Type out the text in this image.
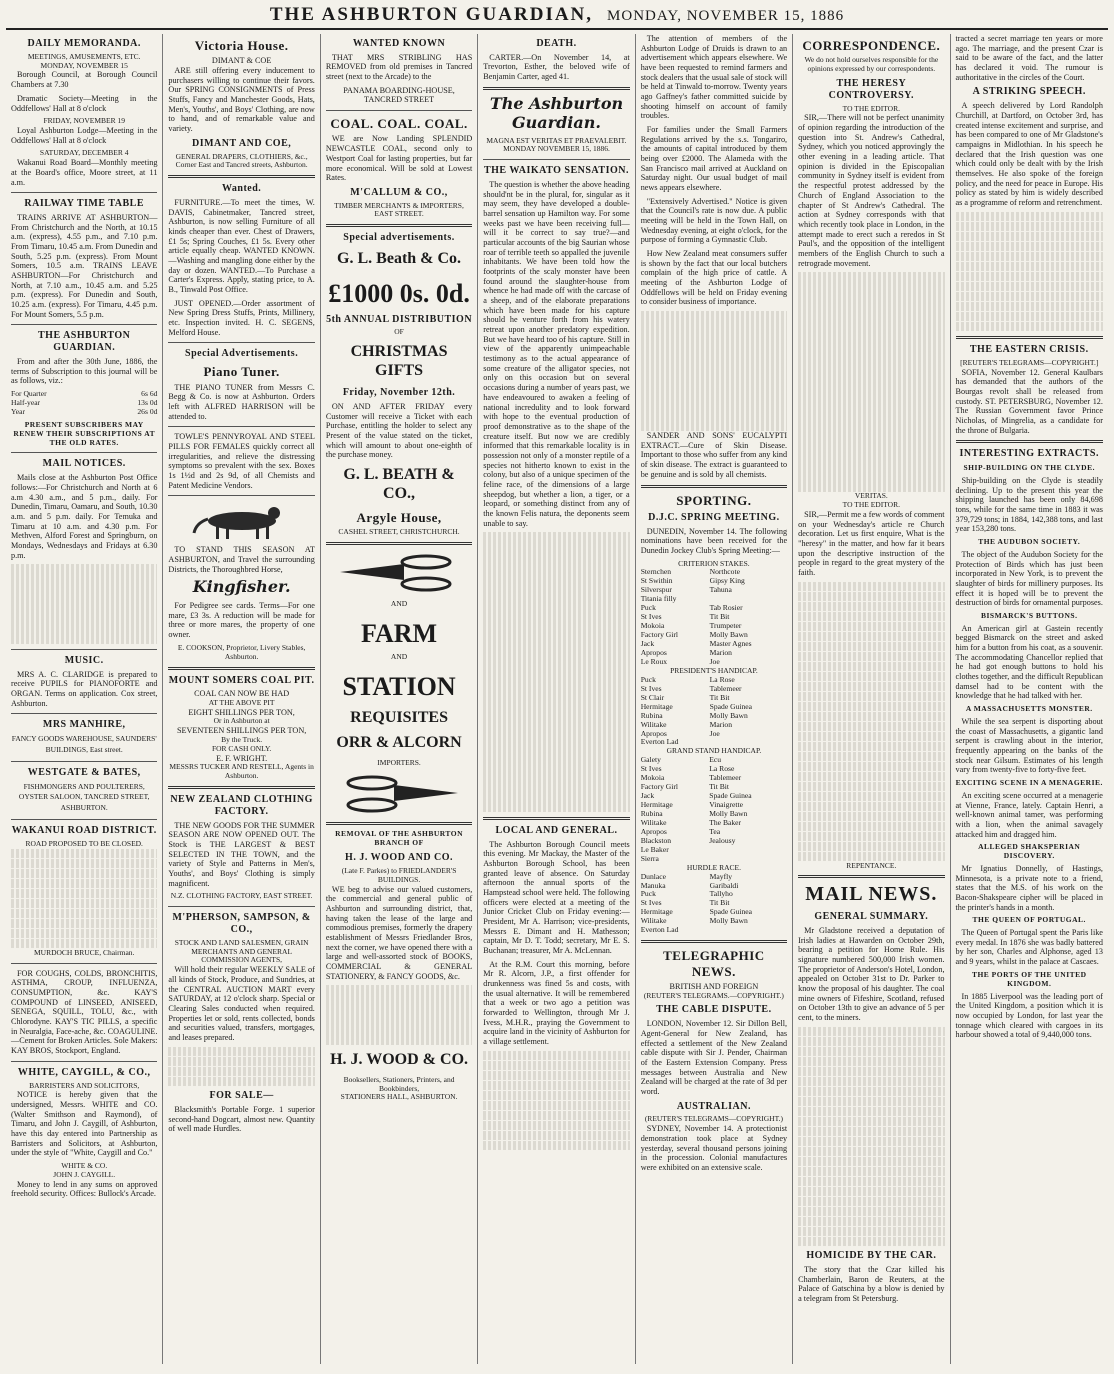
THE ASHBURTON GUARDIAN, MONDAY, NOVEMBER 15, 1886
DAILY MEMORANDA.
MEETINGS, AMUSEMENTS, ETC.
MONDAY, NOVEMBER 15

Borough Council, at Borough Council Chambers at 7.30

Dramatic Society—Meeting in the Oddfellows' Hall at 8 o'clock

FRIDAY, NOVEMBER 19

Loyal Ashburton Lodge—Meeting in the Oddfellows' Hall at 8 o'clock

SATURDAY, DECEMBER 4

Wakanui Road Board—Monthly meeting at the Board's office, Moore street, at 11 a.m.

RAILWAY TIME TABLE

TRAINS ARRIVE AT ASHBURTON—From Christchurch and the North, at 10.15 a.m. (express), 4.55 p.m., and 7.10 p.m. From Timaru, 10.45 a.m. From Dunedin and South, 5.25 p.m. (express). From Mount Somers, 10.5 a.m. TRAINS LEAVE ASHBURTON—For Christchurch and North, at 7.10 a.m., 10.45 a.m. and 5.25 p.m. (express). For Dunedin and South, 10.25 a.m. (express). For Timaru, 4.45 p.m. For Mount Somers, 5.5 p.m.

THE ASHBURTON GUARDIAN.

From and after the 30th June, 1886, the terms of Subscription to this journal will be as follows, viz.:

For Quarter	6s 6d
Half-year	13s 0d
Year	26s 0d
PRESENT SUBSCRIBERS MAY RENEW THEIR SUBSCRIPTIONS AT THE OLD RATES.
MAIL NOTICES.

Mails close at the Ashburton Post Office follows:—For Christchurch and North at 6 a.m 4.30 a.m., and 5 p.m., daily. For Dunedin, Timaru, Oamaru, and South, 10.30 a.m. and 5 p.m. daily. For Temuka and Timaru at 10 a.m. and 4.30 p.m. For Methven, Alford Forest and Springburn, on Mondays, Wednesdays and Fridays at 6.30 p.m.

MUSIC.

MRS A. C. CLARIDGE is prepared to receive PUPILS for PIANOFORTE and ORGAN. Terms on application. Cox street, Ashburton.

MRS MANHIRE,
FANCY GOODS WAREHOUSE, SAUNDERS' BUILDINGS, East street.
WESTGATE & BATES,
FISHMONGERS AND POULTERERS, OYSTER SALOON, TANCRED STREET, ASHBURTON.
WAKANUI ROAD DISTRICT.
ROAD PROPOSED TO BE CLOSED.
MURDOCH BRUCE, Chairman.

FOR COUGHS, COLDS, BRONCHITIS, ASTHMA, CROUP, INFLUENZA, CONSUMPTION, &c. KAY'S COMPOUND of LINSEED, ANISEED, SENEGA, SQUILL, TOLU, &c., with Chlorodyne. KAY'S TIC PILLS, a specific in Neuralgia, Face-ache, &c. COAGULINE.—Cement for Broken Articles. Sole Makers: KAY BROS, Stockport, England.

WHITE, CAYGILL, & CO.,
BARRISTERS AND SOLICITORS,

NOTICE is hereby given that the undersigned, Messrs. WHITE and CO. (Walter Smithson and Raymond), of Timaru, and John J. Caygill, of Ashburton, have this day entered into Partnership as Barristers and Solicitors, at Ashburton, under the style of "White, Caygill and Co."

WHITE & CO.
JOHN J. CAYGILL.

Money to lend in any sums on approved freehold security. Offices: Bullock's Arcade.

Victoria House.
DIMANT & COE

ARE still offering every inducement to purchasers willing to continue their favors. Our SPRING CONSIGNMENTS of Press Stuffs, Fancy and Manchester Goods, Hats, Men's, Youths', and Boys' Clothing, are now to hand, and of remarkable value and variety.

DIMANT AND COE,
GENERAL DRAPERS, CLOTHIERS, &c.,
Corner East and Tancred streets, Ashburton.
Wanted.

FURNITURE.—To meet the times, W. DAVIS, Cabinetmaker, Tancred street, Ashburton, is now selling Furniture of all kinds cheaper than ever. Chest of Drawers, £1 5s; Spring Couches, £1 5s. Every other article equally cheap. WANTED KNOWN.—Washing and mangling done either by the day or dozen. WANTED.—To Purchase a Carter's Express. Apply, stating price, to A. B., Tinwald Post Office.

JUST OPENED.—Order assortment of New Spring Dress Stuffs, Prints, Millinery, etc. Inspection invited. H. C. SEGENS, Melford House.

Special Advertisements.
Piano Tuner.

THE PIANO TUNER from Messrs C. Begg & Co. is now at Ashburton. Orders left with ALFRED HARRISON will be attended to.

TOWLE'S PENNYROYAL AND STEEL PILLS FOR FEMALES quickly correct all irregularities, and relieve the distressing symptoms so prevalent with the sex. Boxes 1s 1½d and 2s 9d, of all Chemists and Patent Medicine Vendors.

TO STAND THIS SEASON AT ASHBURTON, and Travel the surrounding Districts, the Thoroughbred Horse,

Kingfisher.

For Pedigree see cards. Terms—For one mare, £3 3s. A reduction will be made for three or more mares, the property of one owner.

E. COOKSON, Proprietor, Livery Stables, Ashburton.
MOUNT SOMERS COAL PIT.
COAL CAN NOW BE HAD
AT THE ABOVE PIT
EIGHT SHILLINGS PER TON,
Or in Ashburton at
SEVENTEEN SHILLINGS PER TON,
By the Truck.
FOR CASH ONLY.
E. F. WRIGHT.
MESSRS TUCKER AND RESTELL, Agents in Ashburton.
NEW ZEALAND CLOTHING FACTORY.

THE NEW GOODS FOR THE SUMMER SEASON ARE NOW OPENED OUT. The Stock is THE LARGEST & BEST SELECTED IN THE TOWN, and the variety of Style and Patterns in Men's, Youths', and Boys' Clothing is simply magnificent.

N.Z. CLOTHING FACTORY, EAST STREET.
M'PHERSON, SAMPSON, & CO.,
STOCK AND LAND SALESMEN, GRAIN MERCHANTS AND GENERAL COMMISSION AGENTS,

Will hold their regular WEEKLY SALE of all kinds of Stock, Produce, and Sundries, at the CENTRAL AUCTION MART every SATURDAY, at 12 o'clock sharp. Special or Clearing Sales conducted when required. Properties let or sold, rents collected, bonds and securities valued, transfers, mortgages, and leases prepared.

FOR SALE—

Blacksmith's Portable Forge. 1 superior second-hand Dogcart, almost new. Quantity of well made Hurdles.

WANTED KNOWN

THAT MRS STRIBLING HAS REMOVED from old premises in Tancred street (next to the Arcade) to the

PANAMA BOARDING-HOUSE, TANCRED STREET
COAL. COAL. COAL.

WE are Now Landing SPLENDID NEWCASTLE COAL, second only to Westport Coal for lasting properties, but far more economical. Will be sold at Lowest Rates.

M'CALLUM & CO.,
TIMBER MERCHANTS & IMPORTERS, EAST STREET.
Special advertisements.
G. L. Beath & Co.
£1000 0s. 0d.
5th ANNUAL DISTRIBUTION
OF
CHRISTMAS GIFTS
Friday, November 12th.

ON AND AFTER FRIDAY every Customer will receive a Ticket with each Purchase, entitling the holder to select any Present of the value stated on the ticket, which will amount to about one-eighth of the purchase money.

G. L. BEATH & CO.,
Argyle House,
CASHEL STREET, CHRISTCHURCH.
AND
FARM
AND
STATION
REQUISITES
ORR & ALCORN
IMPORTERS.
REMOVAL OF THE ASHBURTON BRANCH OF
H. J. WOOD AND CO.
(Late F. Parkes) to FRIEDLANDER'S BUILDINGS.

WE beg to advise our valued customers, the commercial and general public of Ashburton and surrounding district, that, having taken the lease of the large and commodious premises, formerly the drapery establishment of Messrs Friedlander Bros, next the corner, we have opened there with a large and well-assorted stock of BOOKS, COMMERCIAL & GENERAL STATIONERY, & FANCY GOODS, &c.

H. J. WOOD & CO.
Booksellers, Stationers, Printers, and Bookbinders,
STATIONERS HALL, ASHBURTON.
DEATH.

CARTER.—On November 14, at Trevorton, Esther, the beloved wife of Benjamin Carter, aged 41.

The Ashburton Guardian.
MAGNA EST VERITAS ET PRAEVALEBIT.
MONDAY NOVEMBER 15, 1886.
THE WAIKATO SENSATION.

The question is whether the above heading should'nt be in the plural, for, singular as it may seem, they have developed a double-barrel sensation up Hamilton way. For some weeks past we have been receiving full—will it be correct to say true?—and particular accounts of the big Saurian whose roar of terrible teeth so appalled the juvenile inhabitants. We have been told how the footprints of the scaly monster have been found around the slaughter-house from whence he had made off with the carcase of a sheep, and of the elaborate preparations which have been made for his capture should he venture forth from his watery retreat upon another predatory expedition. But we have heard too of his capture. Still in view of the apparently unimpeachable testimony as to the actual appearance of some creature of the alligator species, not only on this occasion but on several occasions during a number of years past, we have endeavoured to awaken a feeling of national incredulity and to look forward with hope to the eventual production of proof demonstrative as to the shape of the creature itself. But now we are credibly informed that this remarkable locality is in possession not only of a monster reptile of a species not hitherto known to exist in the colony, but also of a unique specimen of the feline race, of the dimensions of a large sheepdog, but whether a lion, a tiger, or a leopard, or something distinct from any of the known Felis natura, the deponents seem unable to say.

LOCAL AND GENERAL.

The Ashburton Borough Council meets this evening. Mr Mackay, the Master of the Ashburton Borough School, has been granted leave of absence. On Saturday afternoon the annual sports of the Hampstead school were held. The following officers were elected at a meeting of the Junior Cricket Club on Friday evening:—President, Mr A. Harrison; vice-presidents, Messrs E. Dimant and H. Mathesson; captain, Mr D. T. Todd; secretary, Mr E. S. Buchanan; treasurer, Mr A. McLennan.

At the R.M. Court this morning, before Mr R. Alcorn, J.P., a first offender for drunkenness was fined 5s and costs, with the usual alternative. It will be remembered that a week or two ago a petition was forwarded to Wellington, through Mr J. Ivess, M.H.R., praying the Government to acquire land in the vicinity of Ashburton for a village settlement.

The attention of members of the Ashburton Lodge of Druids is drawn to an advertisement which appears elsewhere. We have been requested to remind farmers and stock dealers that the usual sale of stock will be held at Tinwald to-morrow. Twenty years ago Gaffney's father committed suicide by shooting himself on account of family troubles.

For families under the Small Farmers Regulations arrived by the s.s. Tongariro, the amounts of capital introduced by them being over £2000. The Alameda with the San Francisco mail arrived at Auckland on Saturday night. Our usual budget of mail news appears elsewhere.

"Extensively Advertised." Notice is given that the Council's rate is now due. A public meeting will be held in the Town Hall, on Wednesday evening, at eight o'clock, for the purpose of forming a Gymnastic Club.

How New Zealand meat consumers suffer is shown by the fact that our local butchers complain of the high price of cattle. A meeting of the Ashburton Lodge of Oddfellows will be held on Friday evening to consider business of importance.

SANDER AND SONS' EUCALYPTI EXTRACT.—Cure of Skin Disease. Important to those who suffer from any kind of skin disease. The extract is guaranteed to be genuine and is sold by all chemists.

SPORTING.
D.J.C. SPRING MEETING.

DUNEDIN, November 14. The following nominations have been received for the Dunedin Jockey Club's Spring Meeting:—

CRITERION STAKES.
Sternchen	Northcote
St Swithin	Gipsy King
Silverspur	Tahuna
Titania filly	
Puck	Tab Rosier
St Ives	Tit Bit
Mokoia	Trumpeter
Factory Girl	Molly Bawn
Jack	Master Agnes
Apropos	Marion
Le Roux	Joe
PRESIDENT'S HANDICAP.
Puck	La Rose
St Ives	Tablemeer
St Clair	Tit Bit
Hermitage	Spade Guinea
Rubina	Molly Bawn
Wilitake	Marion
Apropos	Joe
Everton Lad	
GRAND STAND HANDICAP.
Galety	Ecu
St Ives	La Rose
Mokoia	Tablemeer
Factory Girl	Tit Bit
Jack	Spade Guinea
Hermitage	Vinaigrette
Rubina	Molly Bawn
Wilitake	The Baker
Apropos	Tea
Blackston	Jealousy
Le Baker	
Sierra	
HURDLE RACE.
Dunlace	Mayfly
Manuka	Garibaldi
Puck	Tallyho
St Ives	Tit Bit
Hermitage	Spade Guinea
Wilitake	Molly Bawn
Everton Lad	
TELEGRAPHIC NEWS.
BRITISH AND FOREIGN
(REUTER'S TELEGRAMS.—COPYRIGHT.)
THE CABLE DISPUTE.

LONDON, November 12. Sir Dillon Bell, Agent-General for New Zealand, has effected a settlement of the New Zealand cable dispute with Sir J. Pender, Chairman of the Eastern Extension Company. Press messages between Australia and New Zealand will be charged at the rate of 3d per word.

AUSTRALIAN.
(REUTER'S TELEGRAMS—COPYRIGHT.)

SYDNEY, November 14. A protectionist demonstration took place at Sydney yesterday, several thousand persons joining in the procession. Colonial manufactures were exhibited on an extensive scale.

CORRESPONDENCE.
We do not hold ourselves responsible for the opinions expressed by our correspondents.
THE HERESY CONTROVERSY.
TO THE EDITOR.

SIR,—There will not be perfect unanimity of opinion regarding the introduction of the question into St. Andrew's Cathedral, Sydney, which you noticed approvingly the other evening in a leading article. That opinion is divided in the Episcopalian community in Sydney itself is evident from the respectful protest addressed by the Church of England Association to the chapter of St Andrew's Cathedral. The action at Sydney corresponds with that which recently took place in London, in the attempt made to erect such a reredos in St Paul's, and the opposition of the intelligent members of the English Church to such a retrograde movement.

VERITAS.
TO THE EDITOR.

SIR,—Permit me a few words of comment on your Wednesday's article re Church decoration. Let us first enquire, What is the "heresy" in the matter, and how far it bears upon the descriptive instruction of the people in regard to the great mystery of the faith.

REPENTANCE.
MAIL NEWS.
GENERAL SUMMARY.

Mr Gladstone received a deputation of Irish ladies at Hawarden on October 29th, bearing a petition for Home Rule. His signature numbered 500,000 Irish women. The proprietor of Anderson's Hotel, London, appealed on October 31st to Dr. Parker to know the proposal of his daughter. The coal mine owners of Fifeshire, Scotland, refused on October 13th to give an advance of 5 per cent, to the miners.

HOMICIDE BY THE CAR.

The story that the Czar killed his Chamberlain, Baron de Reuters, at the Palace of Gatschina by a blow is denied by a telegram from St Petersburg.

tracted a secret marriage ten years or more ago. The marriage, and the present Czar is said to be aware of the fact, and the latter has declared it void. The rumour is authoritative in the circles of the Court.

A STRIKING SPEECH.

A speech delivered by Lord Randolph Churchill, at Dartford, on October 3rd, has created intense excitement and surprise, and has been compared to one of Mr Gladstone's campaigns in Midlothian. In his speech he declared that the Irish question was one which could only be dealt with by the Irish themselves. He also spoke of the foreign policy, and the need for peace in Europe. His policy as stated by him is widely described as a programme of reform and retrenchment.

THE EASTERN CRISIS.
[REUTER'S TELEGRAMS—COPYRIGHT.]

SOFIA, November 12. General Kaulbars has demanded that the authors of the Bourgas revolt shall be released from custody. ST. PETERSBURG, November 12. The Russian Government favor Prince Nicholas, of Mingrelia, as a candidate for the throne of Bulgaria.

INTERESTING EXTRACTS.
SHIP-BUILDING ON THE CLYDE.

Ship-building on the Clyde is steadily declining. Up to the present this year the shipping launched has been only 84,698 tons, while for the same time in 1883 it was 379,729 tons; in 1884, 142,388 tons, and last year 153,280 tons.

THE AUDUBON SOCIETY.

The object of the Audubon Society for the Protection of Birds which has just been incorporated in New York, is to prevent the slaughter of birds for millinery purposes. Its effect it is hoped will be to prevent the destruction of birds for ornamental purposes.

BISMARCK'S BUTTONS.

An American girl at Gastein recently begged Bismarck on the street and asked him for a button from his coat, as a souvenir. The accommodating Chancellor replied that he had got enough buttons to hold his clothes together, and the difficult Republican damsel had to be content with the knowledge that he had talked with her.

A MASSACHUSETTS MONSTER.

While the sea serpent is disporting about the coast of Massachusetts, a gigantic land serpent is crawling about in the interior, frequently appearing on the banks of the stock near Gilsum. Estimates of his length vary from twenty-five to forty-five feet.

EXCITING SCENE IN A MENAGERIE.

An exciting scene occurred at a menagerie at Vienne, France, lately. Captain Henri, a well-known animal tamer, was performing with a lion, when the animal savagely attacked him and dragged him.

ALLEGED SHAKSPERIAN DISCOVERY.

Mr Ignatius Donnelly, of Hastings, Minnesota, is a private note to a friend, states that the M.S. of his work on the Bacon-Shakspeare cipher will be placed in the printer's hands in a month.

THE QUEEN OF PORTUGAL.

The Queen of Portugal spent the Paris like every medal. In 1876 she was badly battered by her son, Charles and Alphonse, aged 13 and 9 years, whilst in the palace at Cascaes.

THE PORTS OF THE UNITED KINGDOM.

In 1885 Liverpool was the leading port of the United Kingdom, a position which it is now occupied by London, for last year the tonnage which cleared with cargoes in its harbour showed a total of 9,440,000 tons.
